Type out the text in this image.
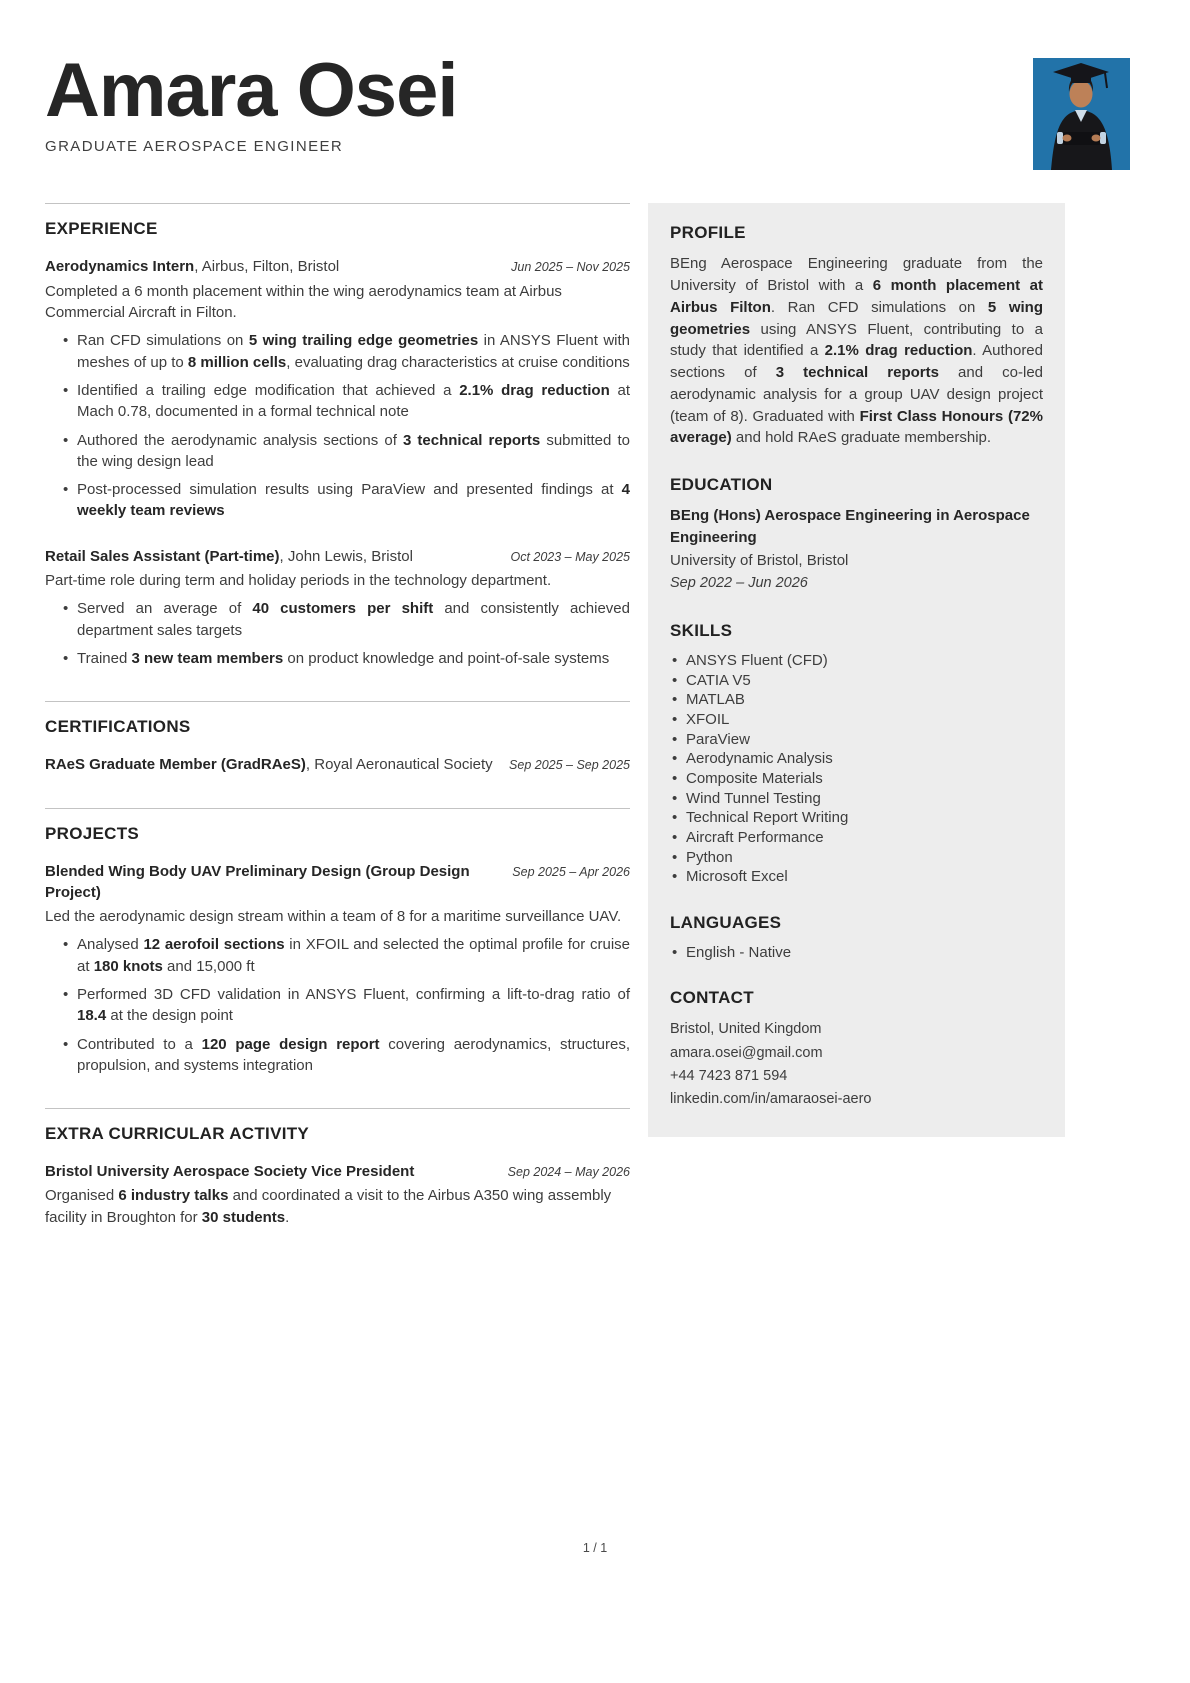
Amara Osei
GRADUATE AEROSPACE ENGINEER
EXPERIENCE
Aerodynamics Intern, Airbus, Filton, Bristol	Jun 2025 – Nov 2025
Completed a 6 month placement within the wing aerodynamics team at Airbus Commercial Aircraft in Filton.
• Ran CFD simulations on 5 wing trailing edge geometries in ANSYS Fluent with meshes of up to 8 million cells, evaluating drag characteristics at cruise conditions
• Identified a trailing edge modification that achieved a 2.1% drag reduction at Mach 0.78, documented in a formal technical note
• Authored the aerodynamic analysis sections of 3 technical reports submitted to the wing design lead
• Post-processed simulation results using ParaView and presented findings at 4 weekly team reviews
Retail Sales Assistant (Part-time), John Lewis, Bristol	Oct 2023 – May 2025
Part-time role during term and holiday periods in the technology department.
• Served an average of 40 customers per shift and consistently achieved department sales targets
• Trained 3 new team members on product knowledge and point-of-sale systems
CERTIFICATIONS
RAeS Graduate Member (GradRAeS), Royal Aeronautical Society	Sep 2025 – Sep 2025
PROJECTS
Blended Wing Body UAV Preliminary Design (Group Design Project)
Sep 2025 – Apr 2026
Led the aerodynamic design stream within a team of 8 for a maritime surveillance UAV.
• Analysed 12 aerofoil sections in XFOIL and selected the optimal profile for cruise at 180 knots and 15,000 ft
• Performed 3D CFD validation in ANSYS Fluent, confirming a lift-to-drag ratio of 18.4 at the design point
• Contributed to a 120 page design report covering aerodynamics, structures, propulsion, and systems integration
EXTRA CURRICULAR ACTIVITY
Bristol University Aerospace Society Vice President	Sep 2024 – May 2026
Organised 6 industry talks and coordinated a visit to the Airbus A350 wing assembly facility in Broughton for 30 students.
PROFILE

BEng Aerospace Engineering graduate from the University of Bristol with a 6 month placement at Airbus Filton. Ran CFD simulations on 5 wing geometries using ANSYS Fluent, contributing to a study that identified a 2.1% drag reduction. Authored sections of 3 technical reports and co-led aerodynamic analysis for a group UAV design project (team of 8). Graduated with First Class Honours (72% average) and hold RAeS graduate membership.

EDUCATION
BEng (Hons) Aerospace Engineering in Aerospace Engineering
University of Bristol, Bristol
Sep 2022 – Jun 2026
SKILLS
• ANSYS Fluent (CFD)
• CATIA V5
• MATLAB
• XFOIL
• ParaView
• Aerodynamic Analysis
• Composite Materials
• Wind Tunnel Testing
• Technical Report Writing
• Aircraft Performance
• Python
• Microsoft Excel
LANGUAGES
• English - Native
CONTACT
Bristol, United Kingdom
amara.osei@gmail.com
+44 7423 871 594
linkedin.com/in/amaraosei-aero
1 / 1
